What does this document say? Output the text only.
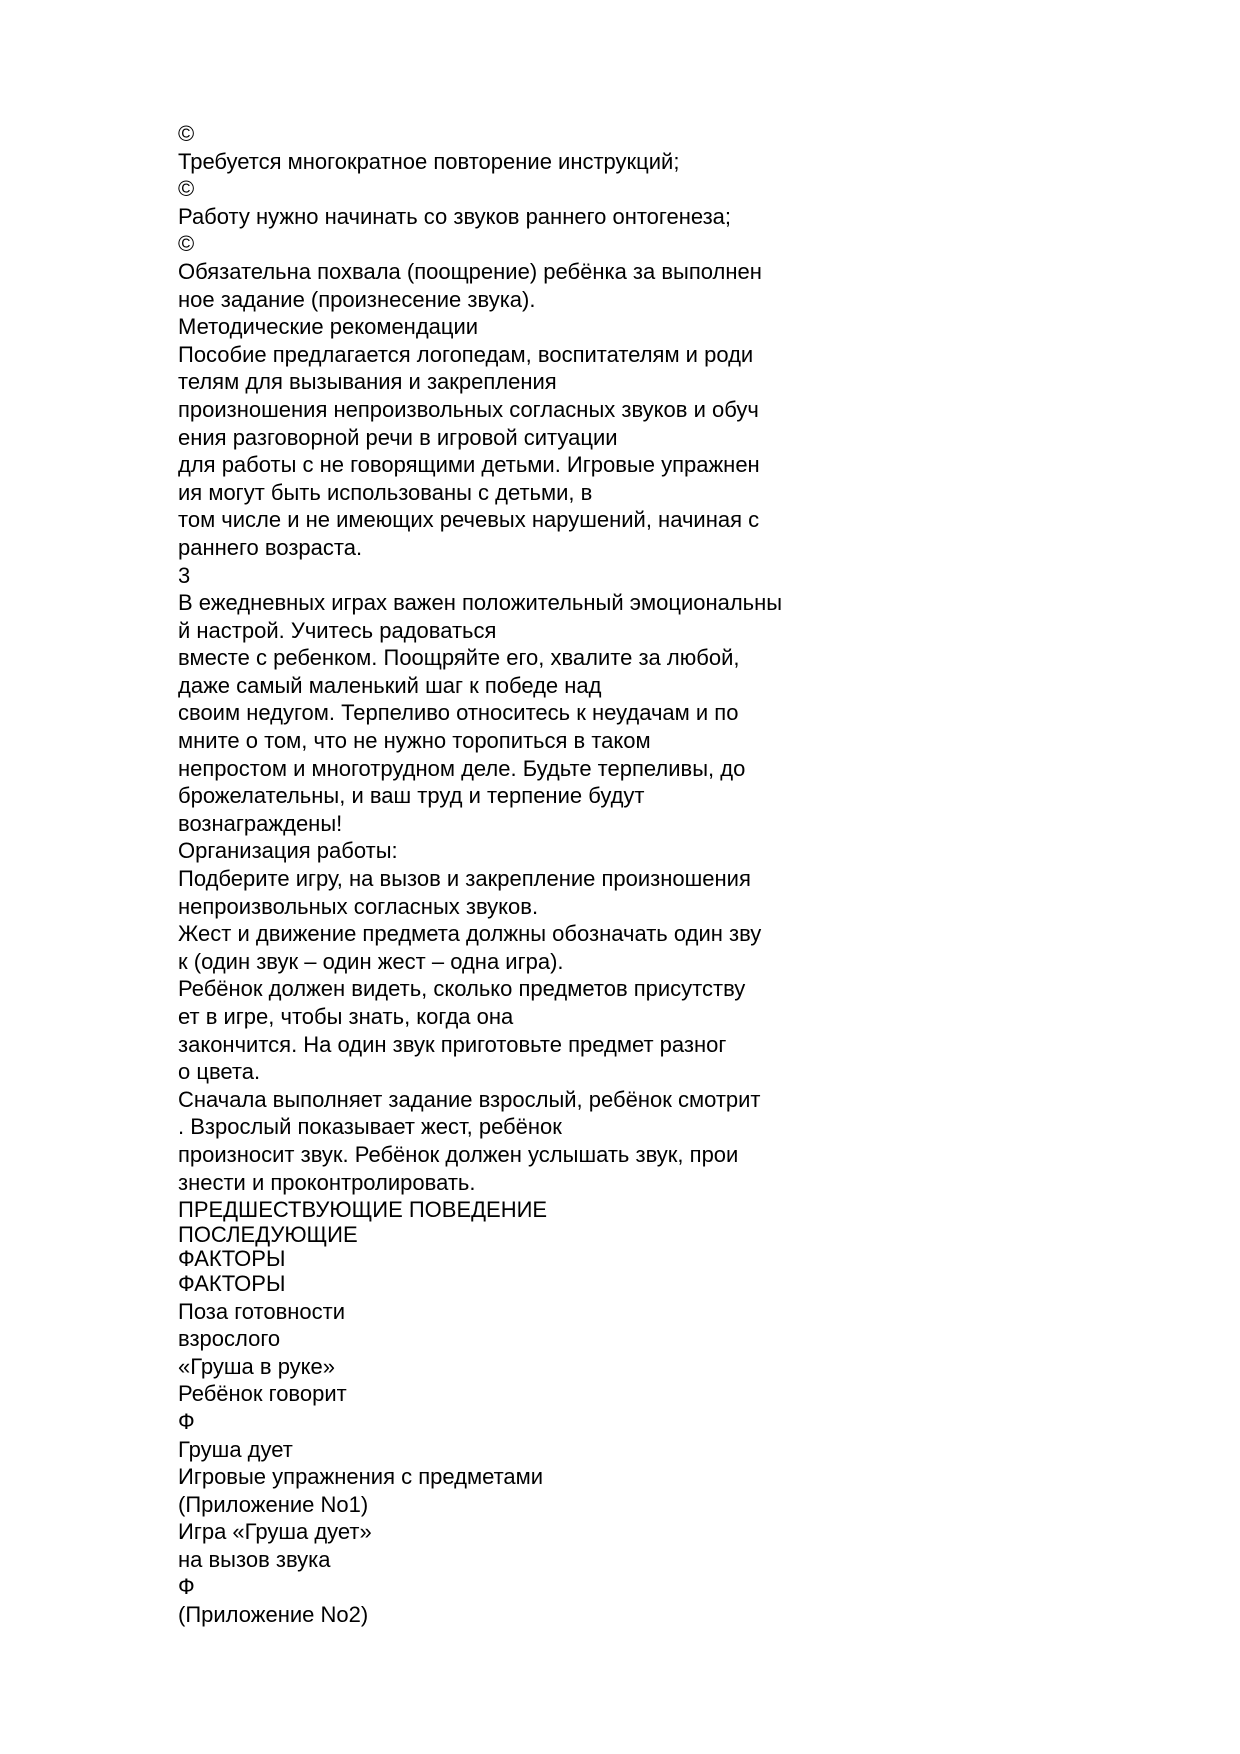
©
Требуется многократное повторение инструкций;
©
Работу нужно начинать со звуков раннего онтогенеза;
©
Обязательна похвала (поощрение) ребёнка за выполнен
ное задание (произнесение звука).
Методические рекомендации
Пособие предлагается логопедам, воспитателям и роди
телям для вызывания и закрепления
произношения непроизвольных согласных звуков и обуч
ения разговорной речи в игровой ситуации
для работы с не говорящими детьми. Игровые упражнен
ия могут быть использованы с детьми, в
том числе и не имеющих речевых нарушений, начиная с
раннего возраста.
3
В ежедневных играх важен положительный эмоциональны
й настрой. Учитесь радоваться
вместе с ребенком. Поощряйте его, хвалите за любой,
даже самый маленький шаг к победе над
своим недугом. Терпеливо относитесь к неудачам и по
мните о том, что не нужно торопиться в таком
непростом и многотрудном деле. Будьте терпеливы, до
брожелательны, и ваш труд и терпение будут
вознаграждены!
Организация работы:
Подберите игру, на вызов и закрепление произношения
непроизвольных согласных звуков.
Жест и движение предмета должны обозначать один зву
к (один звук – один жест – одна игра).
Ребёнок должен видеть, сколько предметов присутству
ет в игре, чтобы знать, когда она
закончится. На один звук приготовьте предмет разног
о цвета.
Сначала выполняет задание взрослый, ребёнок смотрит
. Взрослый показывает жест, ребёнок
произносит звук. Ребёнок должен услышать звук, прои
знести и проконтролировать.
ПРЕДШЕСТВУЮЩИЕ ПОВЕДЕНИЕ
ПОСЛЕДУЮЩИЕ
ФАКТОРЫ
ФАКТОРЫ
Поза готовности
взрослого
«Груша в руке»
Ребёнок говорит
Ф
Груша дует
Игровые упражнения с предметами
(Приложение No1)
Игра «Груша дует»
на вызов звука
Ф
(Приложение No2)
